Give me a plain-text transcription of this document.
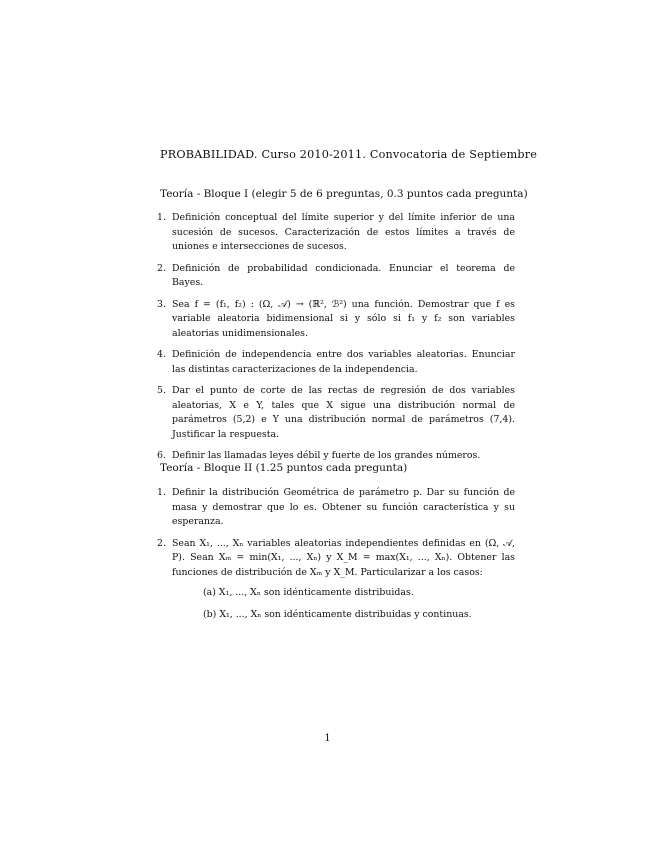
PROBABILIDAD. Curso 2010-2011. Convocatoria de Septiembre
Teoría - Bloque I (elegir 5 de 6 preguntas, 0.3 puntos cada pregunta)
1. Definición conceptual del límite superior y del límite inferior de una sucesión de sucesos. Caracterización de estos límites a través de uniones e intersecciones de sucesos.
2. Definición de probabilidad condicionada. Enunciar el teorema de Bayes.
3. Sea f = (f₁, f₂) : (Ω, 𝒜) → (ℝ², ℬ²) una función. Demostrar que f es variable aleatoria bidimensional si y sólo si f₁ y f₂ son variables aleatorias unidimensionales.
4. Definición de independencia entre dos variables aleatorias. Enunciar las distintas caracterizaciones de la independencia.
5. Dar el punto de corte de las rectas de regresión de dos variables aleatorias, X e Y, tales que X sigue una distribución normal de parámetros (5,2) e Y una distribución normal de parámetros (7,4). Justificar la respuesta.
6. Definir las llamadas leyes débil y fuerte de los grandes números.
Teoría - Bloque II (1.25 puntos cada pregunta)
1. Definir la distribución Geométrica de parámetro p. Dar su función de masa y demostrar que lo es. Obtener su función característica y su esperanza.
2. Sean X₁, ..., Xₙ variables aleatorias independientes definidas en (Ω, 𝒜, P). Sean Xₘ = min(X₁, ..., Xₙ) y X_M = max(X₁, ..., Xₙ). Obtener las funciones de distribución de Xₘ y X_M. Particularizar a los casos:
(a) X₁, ..., Xₙ son idénticamente distribuidas.
(b) X₁, ..., Xₙ son idénticamente distribuidas y continuas.
1
